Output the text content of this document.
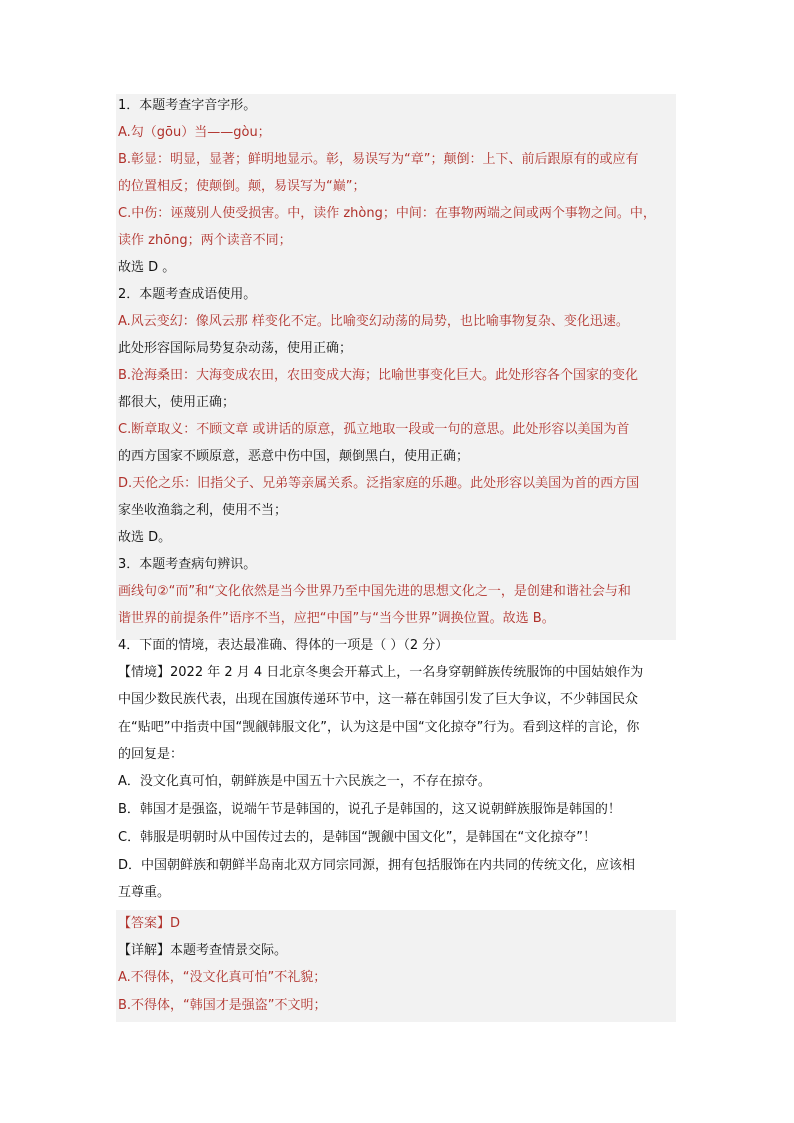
1．本题考查字音字形。
A.勾（gōu）当——gòu；
B.彰显：明显，显著；鲜明地显示。彰，易误写为“章”；颠倒：上下、前后跟原有的或应有
的位置相反；使颠倒。颠，易误写为“巅”；
C.中伤：诬蔑别人使受损害。中，读作 zhòng；中间：在事物两端之间或两个事物之间。中，
读作 zhōng；两个读音不同；
故选 D 。
2．本题考查成语使用。
A.风云变幻：像风云那 样变化不定。比喻变幻动荡的局势，也比喻事物复杂、变化迅速。
此处形容国际局势复杂动荡，使用正确；
B.沧海桑田：大海变成农田，农田变成大海；比喻世事变化巨大。此处形容各个国家的变化
都很大，使用正确；
C.断章取义：不顾文章 或讲话的原意，孤立地取一段或一句的意思。此处形容以美国为首
的西方国家不顾原意，恶意中伤中国，颠倒黑白，使用正确；
D.天伦之乐：旧指父子、兄弟等亲属关系。泛指家庭的乐趣。此处形容以美国为首的西方国
家坐收渔翁之利，使用不当；
故选 D。
3．本题考查病句辨识。
画线句②“而”和“文化依然是当今世界乃至中国先进的思想文化之一，是创建和谐社会与和
谐世界的前提条件”语序不当，应把“中国”与“当今世界”调换位置。故选 B。
4．下面的情境，表达最准确、得体的一项是（ ）（2 分）
【情境】2022 年 2 月 4 日北京冬奥会开幕式上，一名身穿朝鲜族传统服饰的中国姑娘作为
中国少数民族代表，出现在国旗传递环节中，这一幕在韩国引发了巨大争议，不少韩国民众
在“贴吧”中指责中国“觊觎韩服文化”，认为这是中国“文化掠夺”行为。看到这样的言论，你
的回复是：
A．没文化真可怕，朝鲜族是中国五十六民族之一，不存在掠夺。
B．韩国才是强盗，说端午节是韩国的，说孔子是韩国的，这又说朝鲜族服饰是韩国的！
C．韩服是明朝时从中国传过去的，是韩国“觊觎中国文化”，是韩国在“文化掠夺”！
D．中国朝鲜族和朝鲜半岛南北双方同宗同源，拥有包括服饰在内共同的传统文化，应该相
互尊重。
【答案】D
【详解】本题考查情景交际。
A.不得体，“没文化真可怕”不礼貌；
B.不得体，“韩国才是强盗”不文明；
